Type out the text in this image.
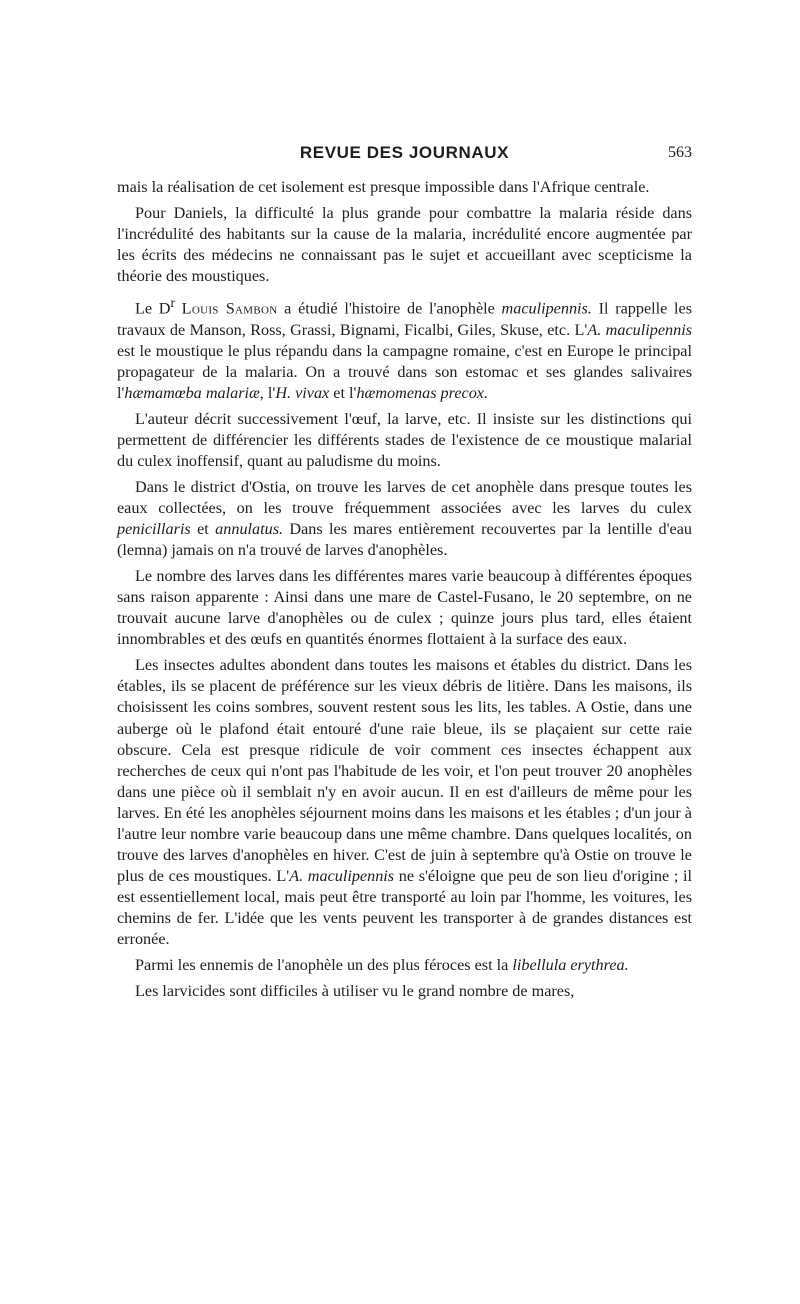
REVUE DES JOURNAUX	563

mais la réalisation de cet isolement est presque impossible dans l'Afrique centrale.

Pour Daniels, la difficulté la plus grande pour combattre la malaria réside dans l'incrédulité des habitants sur la cause de la malaria, incrédulité encore augmentée par les écrits des médecins ne connaissant pas le sujet et accueillant avec scepticisme la théorie des moustiques.

Le $D^r$ Louis Sambon a étudié l'histoire de l'anophèle maculipennis. Il rappelle les travaux de Manson, Ross, Grassi, Bignami, Ficalbi, Giles, Skuse, etc. L'A. maculipennis est le moustique le plus répandu dans la campagne romaine, c'est en Europe le principal propagateur de la malaria. On a trouvé dans son estomac et ses glandes salivaires l'hæmamœba malariæ, l'H. vivax et l'hæmomenas precox.

L'auteur décrit successivement l'œuf, la larve, etc. Il insiste sur les distinctions qui permettent de différencier les différents stades de l'existence de ce moustique malarial du culex inoffensif, quant au paludisme du moins.

Dans le district d'Ostia, on trouve les larves de cet anophèle dans presque toutes les eaux collectées, on les trouve fréquemment associées avec les larves du culex penicillaris et annulatus. Dans les mares entièrement recouvertes par la lentille d'eau (lemna) jamais on n'a trouvé de larves d'anophèles.

Le nombre des larves dans les différentes mares varie beaucoup à différentes époques sans raison apparente : Ainsi dans une mare de Castel-Fusano, le 20 septembre, on ne trouvait aucune larve d'anophèles ou de culex ; quinze jours plus tard, elles étaient innombrables et des œufs en quantités énormes flottaient à la surface des eaux.

Les insectes adultes abondent dans toutes les maisons et étables du district. Dans les étables, ils se placent de préférence sur les vieux débris de litière. Dans les maisons, ils choisissent les coins sombres, souvent restent sous les lits, les tables. A Ostie, dans une auberge où le plafond était entouré d'une raie bleue, ils se plaçaient sur cette raie obscure. Cela est presque ridicule de voir comment ces insectes échappent aux recherches de ceux qui n'ont pas l'habitude de les voir, et l'on peut trouver 20 anophèles dans une pièce où il semblait n'y en avoir aucun. Il en est d'ailleurs de même pour les larves. En été les anophèles séjournent moins dans les maisons et les étables ; d'un jour à l'autre leur nombre varie beaucoup dans une même chambre. Dans quelques localités, on trouve des larves d'anophèles en hiver. C'est de juin à septembre qu'à Ostie on trouve le plus de ces moustiques. L'A. maculipennis ne s'éloigne que peu de son lieu d'origine ; il est essentiellement local, mais peut être transporté au loin par l'homme, les voitures, les chemins de fer. L'idée que les vents peuvent les transporter à de grandes distances est erronée.

Parmi les ennemis de l'anophèle un des plus féroces est la libellula erythrea.

Les larvicides sont difficiles à utiliser vu le grand nombre de mares,
